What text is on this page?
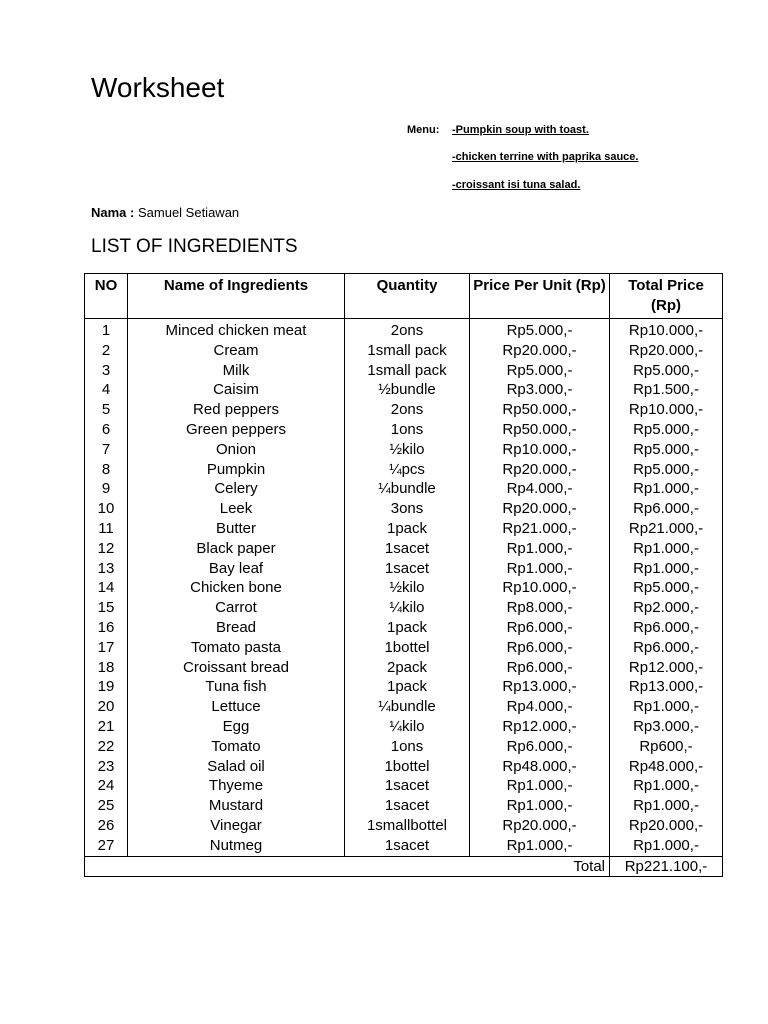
Worksheet
Menu: -Pumpkin soup with toast.
-chicken terrine with paprika sauce.
-croissant isi tuna salad.
Nama : Samuel Setiawan
LIST OF INGREDIENTS
NO	Name of Ingredients	Quantity	Price Per Unit (Rp)	Total Price (Rp)
1	Minced chicken meat	2ons	Rp5.000,-	Rp10.000,-
2	Cream	1small pack	Rp20.000,-	Rp20.000,-
3	Milk	1small pack	Rp5.000,-	Rp5.000,-
4	Caisim	½bundle	Rp3.000,-	Rp1.500,-
5	Red peppers	2ons	Rp50.000,-	Rp10.000,-
6	Green peppers	1ons	Rp50.000,-	Rp5.000,-
7	Onion	½kilo	Rp10.000,-	Rp5.000,-
8	Pumpkin	¼pcs	Rp20.000,-	Rp5.000,-
9	Celery	¼bundle	Rp4.000,-	Rp1.000,-
10	Leek	3ons	Rp20.000,-	Rp6.000,-
11	Butter	1pack	Rp21.000,-	Rp21.000,-
12	Black paper	1sacet	Rp1.000,-	Rp1.000,-
13	Bay leaf	1sacet	Rp1.000,-	Rp1.000,-
14	Chicken bone	½kilo	Rp10.000,-	Rp5.000,-
15	Carrot	¼kilo	Rp8.000,-	Rp2.000,-
16	Bread	1pack	Rp6.000,-	Rp6.000,-
17	Tomato pasta	1bottel	Rp6.000,-	Rp6.000,-
18	Croissant bread	2pack	Rp6.000,-	Rp12.000,-
19	Tuna fish	1pack	Rp13.000,-	Rp13.000,-
20	Lettuce	¼bundle	Rp4.000,-	Rp1.000,-
21	Egg	¼kilo	Rp12.000,-	Rp3.000,-
22	Tomato	1ons	Rp6.000,-	Rp600,-
23	Salad oil	1bottel	Rp48.000,-	Rp48.000,-
24	Thyeme	1sacet	Rp1.000,-	Rp1.000,-
25	Mustard	1sacet	Rp1.000,-	Rp1.000,-
26	Vinegar	1smallbottel	Rp20.000,-	Rp20.000,-
27	Nutmeg	1sacet	Rp1.000,-	Rp1.000,-
Total				Rp221.100,-
